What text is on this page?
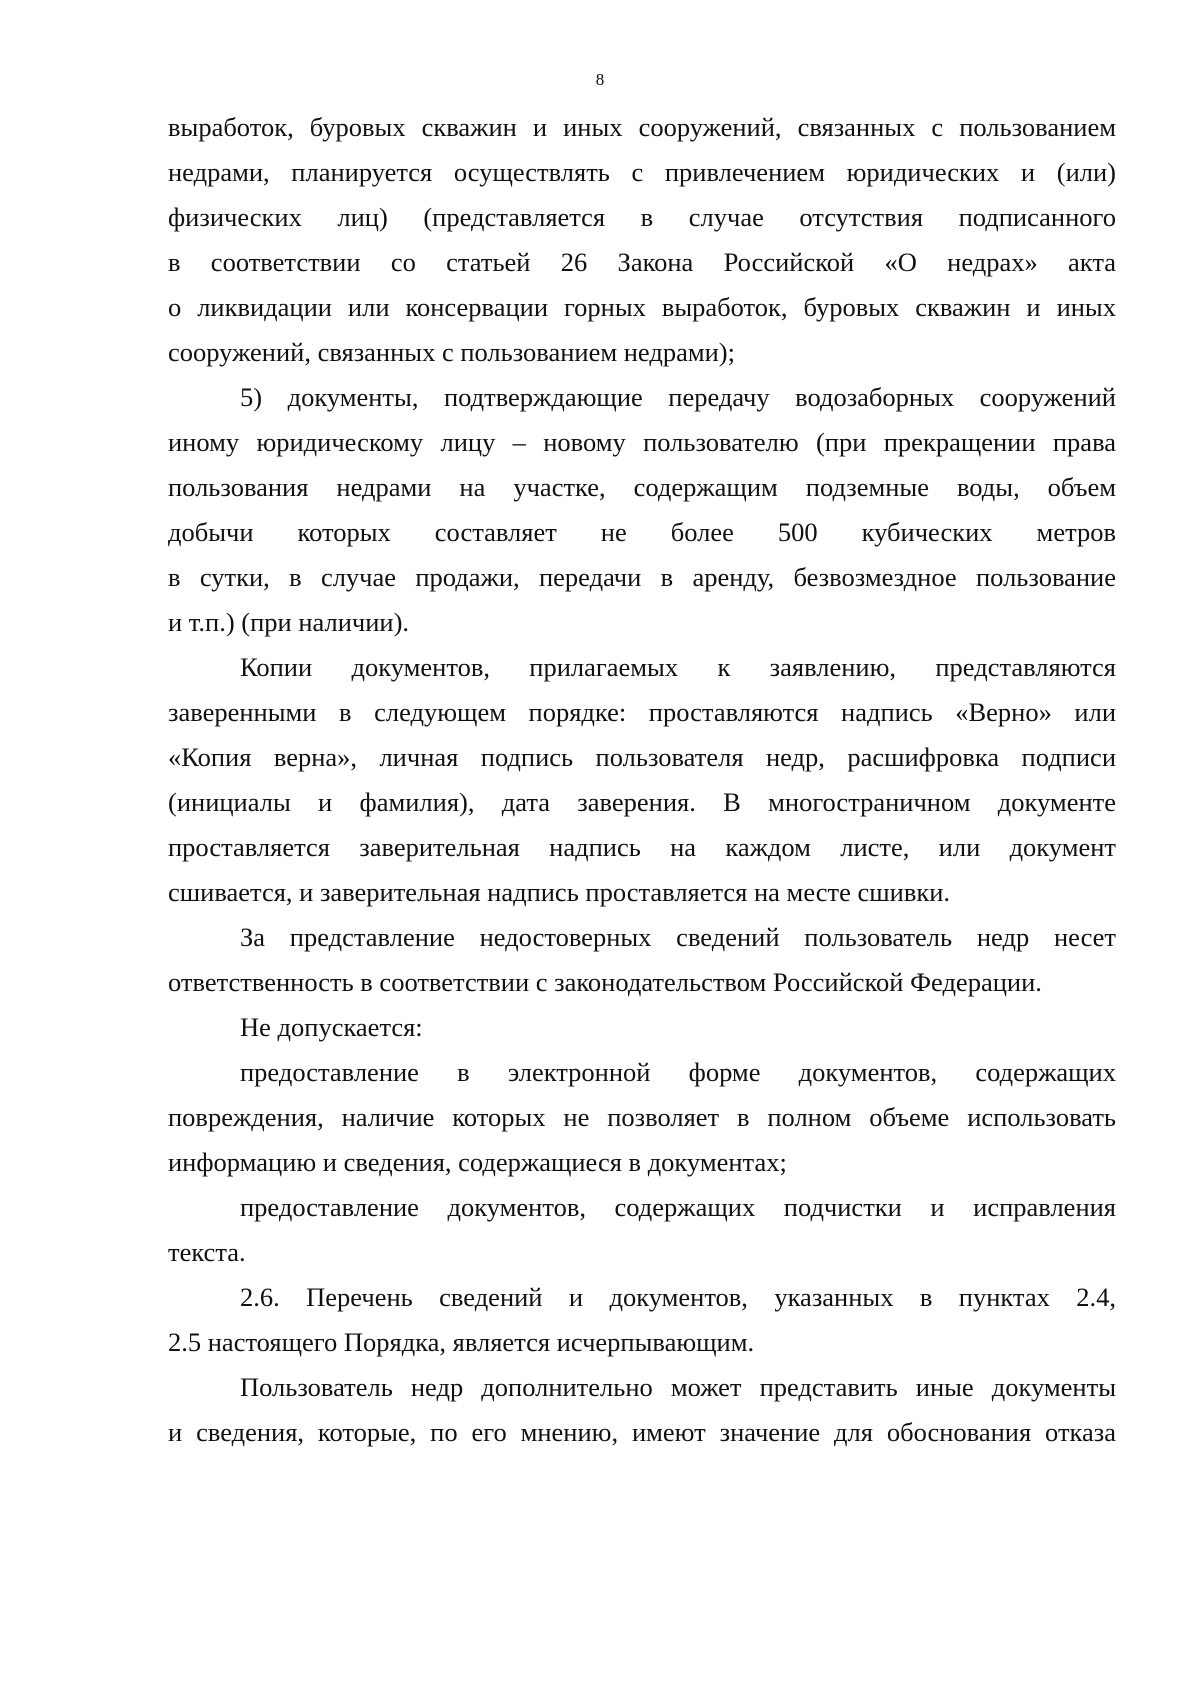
8
выработок, буровых скважин и иных сооружений, связанных с пользованием
недрами, планируется осуществлять с привлечением юридических и (или)
физических лиц) (представляется в случае отсутствия подписанного
в соответствии со статьей 26 Закона Российской «О недрах» акта
о ликвидации или консервации горных выработок, буровых скважин и иных
сооружений, связанных с пользованием недрами);
5) документы, подтверждающие передачу водозаборных сооружений
иному юридическому лицу – новому пользователю (при прекращении права
пользования недрами на участке, содержащим подземные воды, объем
добычи которых составляет не более 500 кубических метров
в сутки, в случае продажи, передачи в аренду, безвозмездное пользование
и т.п.) (при наличии).
Копии документов, прилагаемых к заявлению, представляются
заверенными в следующем порядке: проставляются надпись «Верно» или
«Копия верна», личная подпись пользователя недр, расшифровка подписи
(инициалы и фамилия), дата заверения. В многостраничном документе
проставляется заверительная надпись на каждом листе, или документ
сшивается, и заверительная надпись проставляется на месте сшивки.
За представление недостоверных сведений пользователь недр несет
ответственность в соответствии с законодательством Российской Федерации.
Не допускается:
предоставление в электронной форме документов, содержащих
повреждения, наличие которых не позволяет в полном объеме использовать
информацию и сведения, содержащиеся в документах;
предоставление документов, содержащих подчистки и исправления
текста.
2.6. Перечень сведений и документов, указанных в пунктах 2.4,
2.5 настоящего Порядка, является исчерпывающим.
Пользователь недр дополнительно может представить иные документы
и сведения, которые, по его мнению, имеют значение для обоснования отказа
